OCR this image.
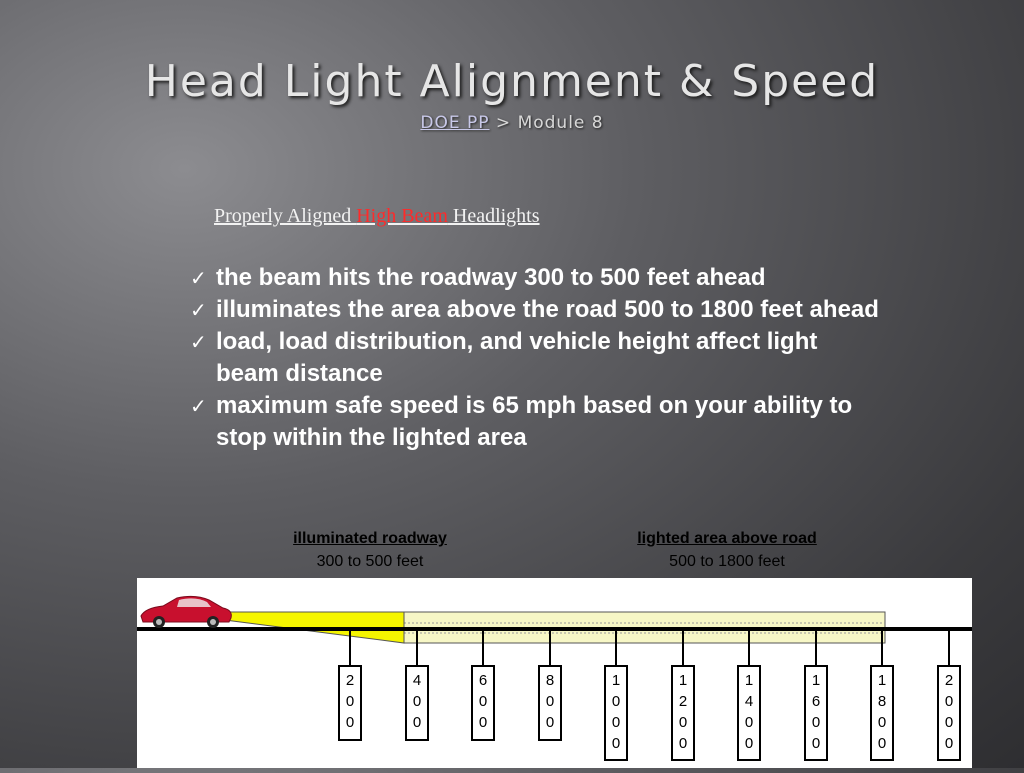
Head Light Alignment & Speed
DOE PP > Module 8
Properly Aligned High Beam Headlights
✓ the beam hits the roadway 300 to 500 feet ahead
✓ illuminates the area above the road 500 to 1800 feet ahead
✓ load, load distribution, and vehicle height affect light beam distance
✓ maximum safe speed is 65 mph based on your ability to stop within the lighted area
illuminated roadway
300 to 500 feet
lighted area above road
500 to 1800 feet
2 0 0
4 0 0
6 0 0
8 0 0
1 0 0 0
1 2 0 0
1 4 0 0
1 6 0 0
1 8 0 0
2 0 0 0
